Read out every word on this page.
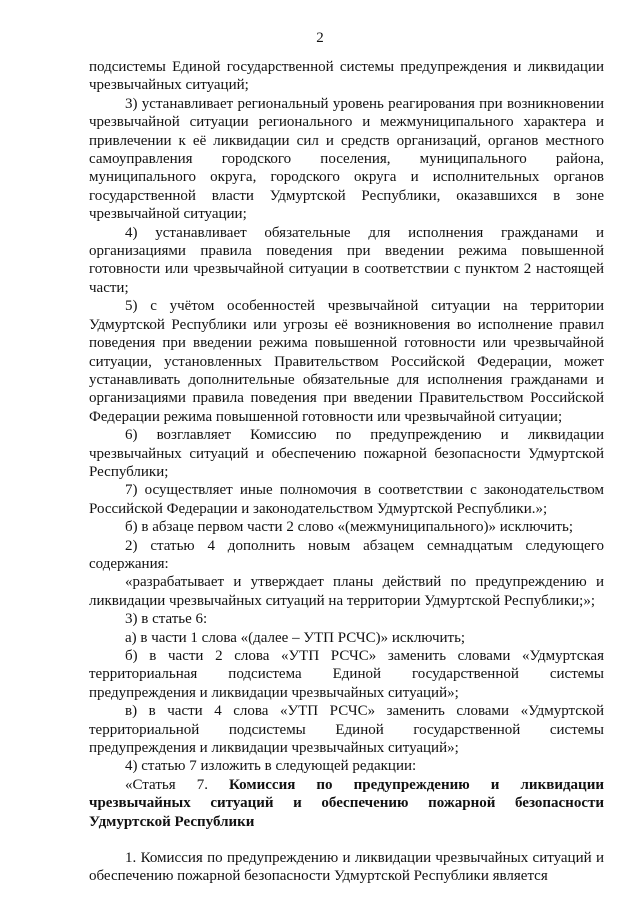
2

подсистемы Единой государственной системы предупреждения и ликвидации чрезвычайных ситуаций;

3) устанавливает региональный уровень реагирования при возникновении чрезвычайной ситуации регионального и межмуниципального характера и привлечении к её ликвидации сил и средств организаций, органов местного самоуправления городского поселения, муниципального района, муниципального округа, городского округа и исполнительных органов государственной власти Удмуртской Республики, оказавшихся в зоне чрезвычайной ситуации;

4) устанавливает обязательные для исполнения гражданами и организациями правила поведения при введении режима повышенной готовности или чрезвычайной ситуации в соответствии с пунктом 2 настоящей части;

5) с учётом особенностей чрезвычайной ситуации на территории Удмуртской Республики или угрозы её возникновения во исполнение правил поведения при введении режима повышенной готовности или чрезвычайной ситуации, установленных Правительством Российской Федерации, может устанавливать дополнительные обязательные для исполнения гражданами и организациями правила поведения при введении Правительством Российской Федерации режима повышенной готовности или чрезвычайной ситуации;

6) возглавляет Комиссию по предупреждению и ликвидации чрезвычайных ситуаций и обеспечению пожарной безопасности Удмуртской Республики;

7) осуществляет иные полномочия в соответствии с законодательством Российской Федерации и законодательством Удмуртской Республики.»;

б) в абзаце первом части 2 слово «(межмуниципального)» исключить;

2) статью 4 дополнить новым абзацем семнадцатым следующего содержания:

«разрабатывает и утверждает планы действий по предупреждению и ликвидации чрезвычайных ситуаций на территории Удмуртской Республики;»;

3) в статье 6:

а) в части 1 слова «(далее – УТП РСЧС)» исключить;

б) в части 2 слова «УТП РСЧС» заменить словами «Удмуртская территориальная подсистема Единой государственной системы предупреждения и ликвидации чрезвычайных ситуаций»;

в) в части 4 слова «УТП РСЧС» заменить словами «Удмуртской территориальной подсистемы Единой государственной системы предупреждения и ликвидации чрезвычайных ситуаций»;

4) статью 7 изложить в следующей редакции:

«Статья 7. Комиссия по предупреждению и ликвидации чрезвычайных ситуаций и обеспечению пожарной безопасности Удмуртской Республики

1. Комиссия по предупреждению и ликвидации чрезвычайных ситуаций и обеспечению пожарной безопасности Удмуртской Республики является
